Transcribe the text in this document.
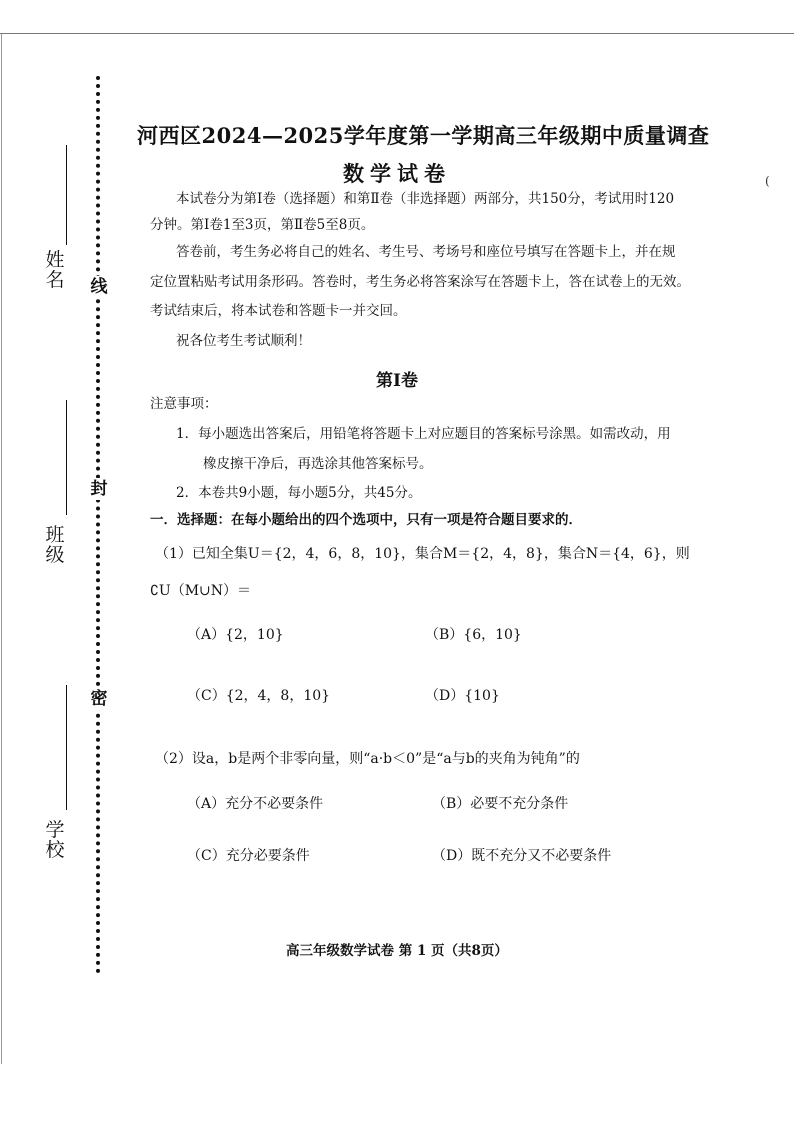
线
封
密
姓名
班级
学校
河西区2024—2025学年度第一学期高三年级期中质量调查
数学试卷	(
本试卷分为第Ⅰ卷（选择题）和第Ⅱ卷（非选择题）两部分，共150分，考试用时120
分钟。第Ⅰ卷1至3页，第Ⅱ卷5至8页。
答卷前，考生务必将自己的姓名、考生号、考场号和座位号填写在答题卡上，并在规
定位置粘贴考试用条形码。答卷时，考生务必将答案涂写在答题卡上，答在试卷上的无效。
考试结束后，将本试卷和答题卡一并交回。
祝各位考生考试顺利！
第Ⅰ卷
注意事项：
1．每小题选出答案后，用铅笔将答题卡上对应题目的答案标号涂黑。如需改动，用
橡皮擦干净后，再选涂其他答案标号。
2．本卷共9小题，每小题5分，共45分。
一．选择题：在每小题给出的四个选项中，只有一项是符合题目要求的．
（1）已知全集U＝{2，4，6，8，10}，集合M＝{2，4，8}，集合N＝{4，6}，则
∁U（M∪N）＝
（A）{2，10}	（B）{6，10}
（C）{2，4，8，10}	（D）{10}
（2）设a，b是两个非零向量，则“a·b＜0”是“a与b的夹角为钝角”的
（A）充分不必要条件	（B）必要不充分条件
（C）充分必要条件	（D）既不充分又不必要条件
高三年级数学试卷 第 1 页（共8页）
